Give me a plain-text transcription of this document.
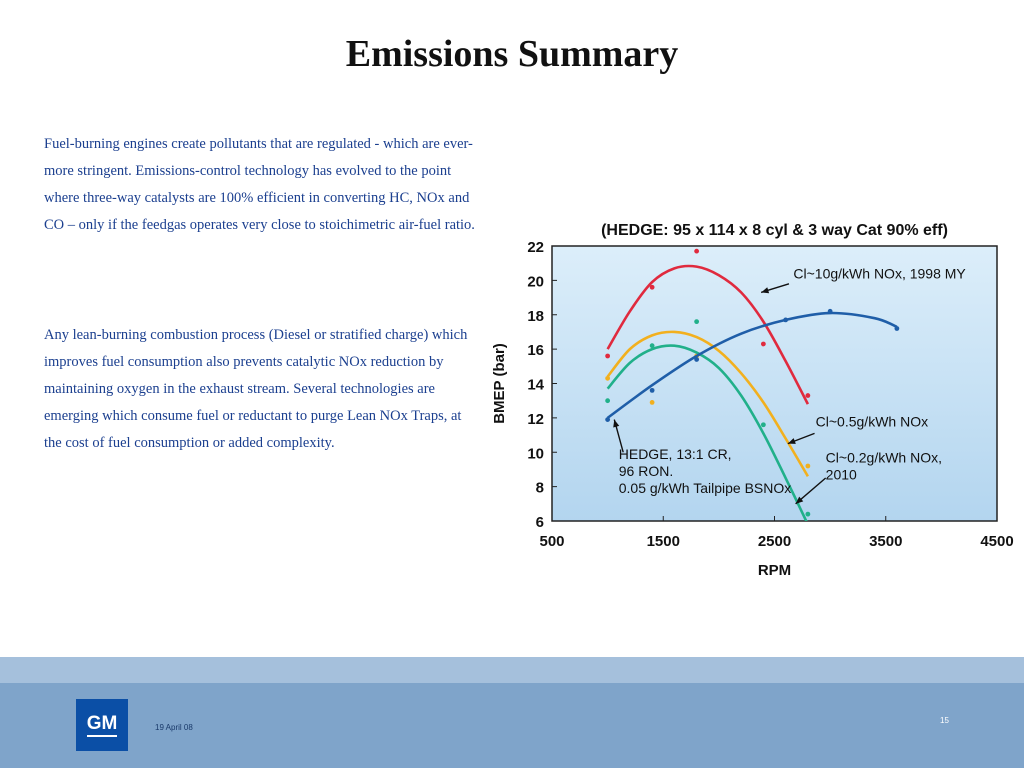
Emissions Summary

Fuel-burning engines create pollutants that are regulated - which are ever-more stringent. Emissions-control technology has evolved to the point where three-way catalysts are 100% efficient in converting HC, NOx and CO – only if the feedgas operates very close to stoichimetric air-fuel ratio.

Any lean-burning combustion process (Diesel or stratified charge) which improves fuel consumption also prevents catalytic NOx reduction by maintaining oxygen in the exhaust stream. Several technologies are emerging which consume fuel or reductant to purge Lean NOx Traps, at the cost of fuel consumption or added complexity.

(HEDGE: 95 x 114 x 8 cyl & 3 way Cat 90% eff)
6
8
10
12
14
16
18
20
22
500	1500	2500	3500	4500
RPM
BMEP (bar)
Cl~10g/kWh NOx, 1998 MY
Cl~0.5g/kWh NOx
HEDGE, 13:1 CR,
96 RON.
0.05 g/kWh Tailpipe BSNOx
Cl~0.2g/kWh NOx,
2010
GM	19 April 08
15
